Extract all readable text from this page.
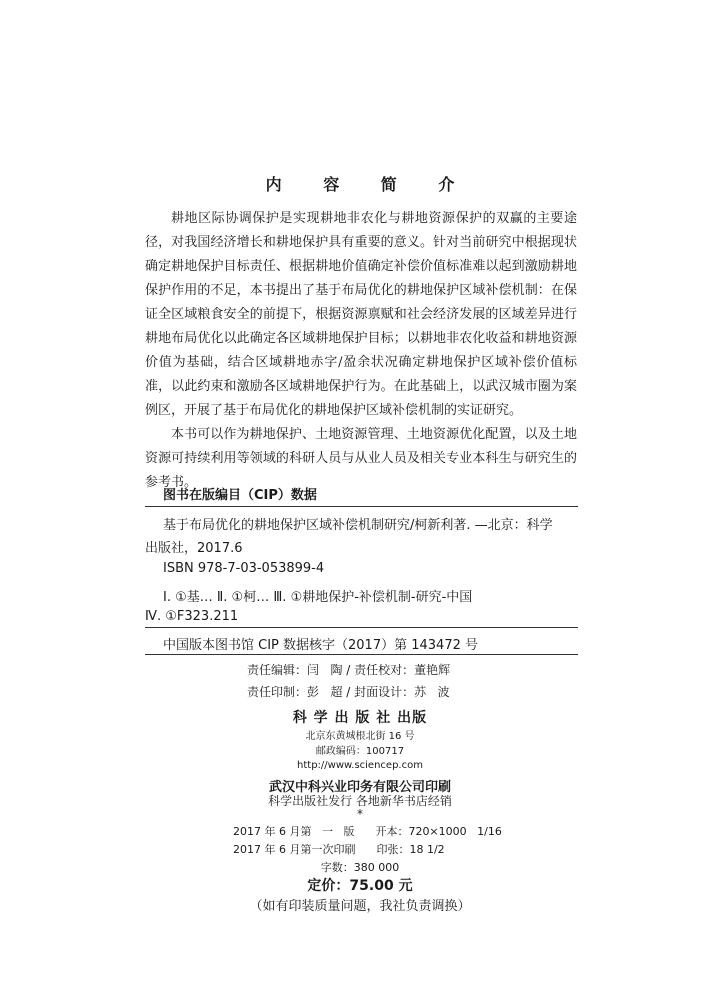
内 容 简 介

耕地区际协调保护是实现耕地非农化与耕地资源保护的双赢的主要途径，对我国经济增长和耕地保护具有重要的意义。针对当前研究中根据现状确定耕地保护目标责任、根据耕地价值确定补偿价值标准难以起到激励耕地保护作用的不足，本书提出了基于布局优化的耕地保护区域补偿机制：在保证全区域粮食安全的前提下，根据资源禀赋和社会经济发展的区域差异进行耕地布局优化以此确定各区域耕地保护目标；以耕地非农化收益和耕地资源价值为基础，结合区域耕地赤字/盈余状况确定耕地保护区域补偿价值标准，以此约束和激励各区域耕地保护行为。在此基础上，以武汉城市圈为案例区，开展了基于布局优化的耕地保护区域补偿机制的实证研究。

本书可以作为耕地保护、土地资源管理、土地资源优化配置，以及土地资源可持续利用等领域的科研人员与从业人员及相关专业本科生与研究生的参考书。

图书在版编目（CIP）数据
基于布局优化的耕地保护区域补偿机制研究/柯新利著. —北京：科学
出版社，2017.6
ISBN 978-7-03-053899-4
Ⅰ. ①基… Ⅱ. ①柯… Ⅲ. ①耕地保护-补偿机制-研究-中国
Ⅳ. ①F323.211
中国版本图书馆 CIP 数据核字（2017）第 143472 号
责任编辑：闫   陶 / 责任校对：董艳辉
责任印制：彭   超 / 封面设计：苏   波
科 学 出 版 社 出版
北京东黄城根北街 16 号
邮政编码：100717
http://www.sciencep.com
武汉中科兴业印务有限公司印刷
科学出版社发行 各地新华书店经销
*
2017 年 6 月第   一   版      开本：720×1000   1/16
2017 年 6 月第一次印刷      印张：18 1/2
字数：380 000
定价：75.00 元
（如有印装质量问题，我社负责调换）
